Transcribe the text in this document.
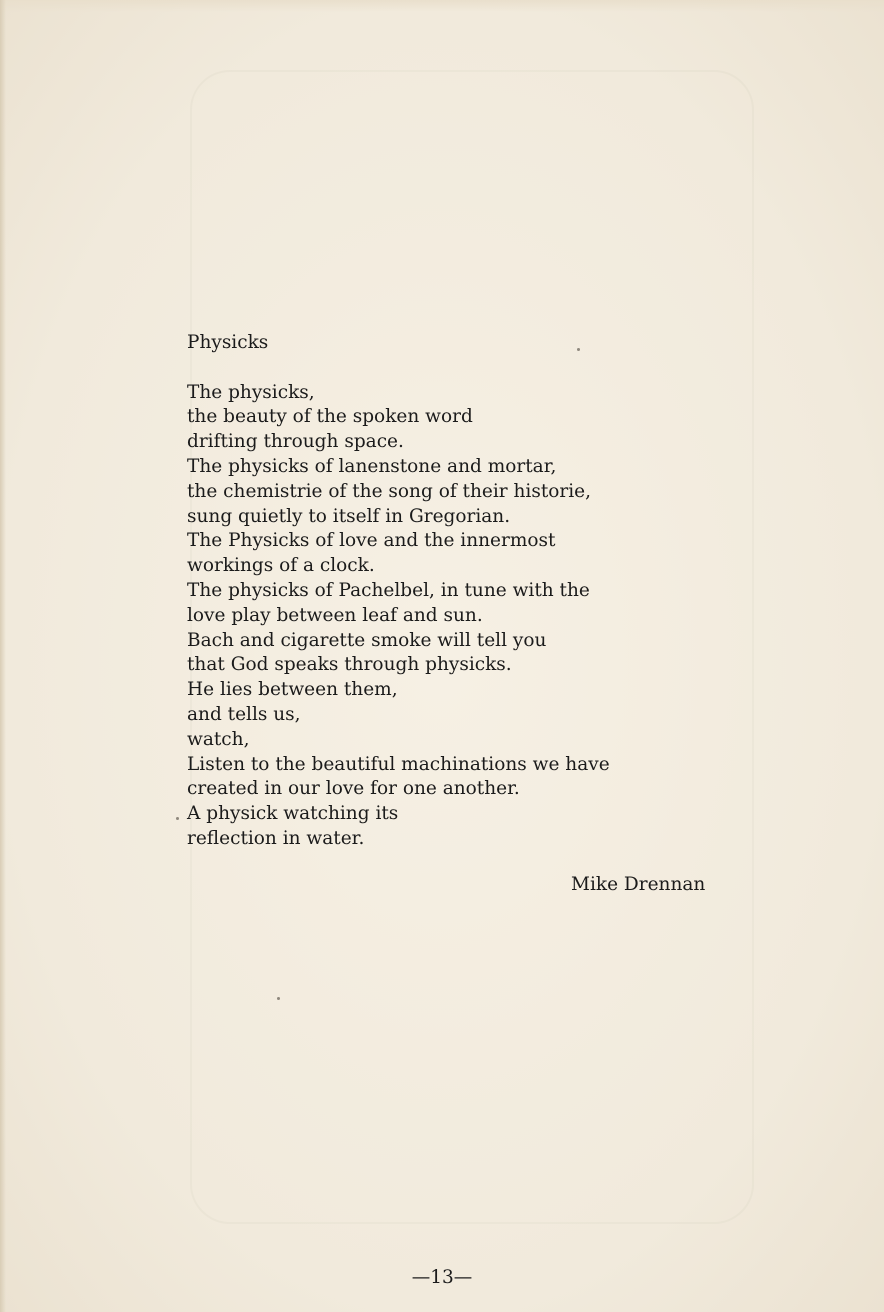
Physicks
The physicks,
the beauty of the spoken word
drifting through space.
The physicks of lanenstone and mortar,
the chemistrie of the song of their historie,
sung quietly to itself in Gregorian.
The Physicks of love and the innermost
workings of a clock.
The physicks of Pachelbel, in tune with the
love play between leaf and sun.
Bach and cigarette smoke will tell you
that God speaks through physicks.
He lies between them,
and tells us,
watch,
Listen to the beautiful machinations we have
created in our love for one another.
A physick watching its
reflection in water.
Mike Drennan
—13—
